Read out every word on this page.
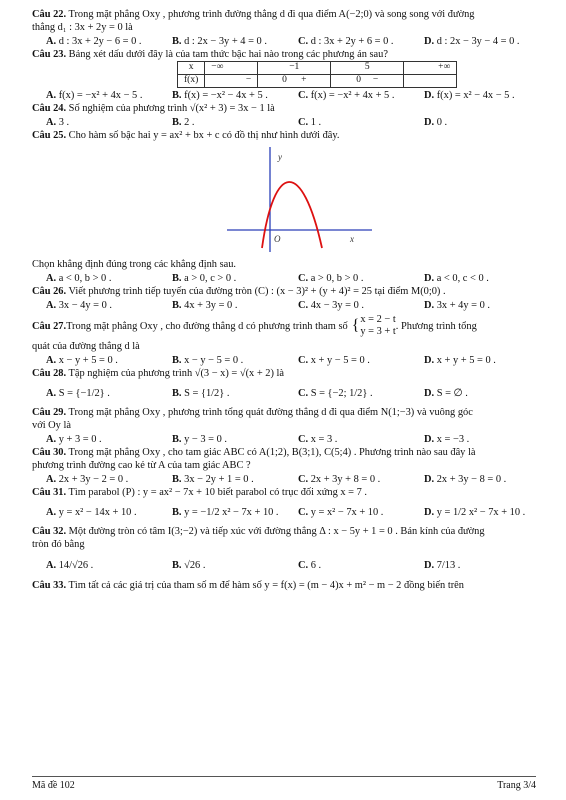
Câu 22. Trong mặt phẳng Oxy , phương trình đường thẳng d đi qua điểm A(−2;0) và song song với đường

thẳng d₁ : 3x + 2y = 0 là

A. d : 3x + 2y − 6 = 0 .	B. d : 2x − 3y + 4 = 0 .	C. d : 3x + 2y + 6 = 0 .	D. d : 2x − 3y − 4 = 0 .

Câu 23. Bảng xét dấu dưới đây là của tam thức bậc hai nào trong các phương án sau?

x	−∞	−1	5	+∞
f(x)	−	0 +	0 −	
A. f(x) = −x² + 4x − 5 .	B. f(x) = −x² − 4x + 5 .	C. f(x) = −x² + 4x + 5 .	D. f(x) = x² − 4x − 5 .

Câu 24. Số nghiệm của phương trình √(x² + 3) = 3x − 1 là

A. 3 .	B. 2 .	C. 1 .	D. 0 .

Câu 25. Cho hàm số bậc hai y = ax² + bx + c có đồ thị như hình dưới đây.

y
x
O

Chọn khẳng định đúng trong các khẳng định sau.

A. a < 0, b > 0 .	B. a > 0, c > 0 .	C. a > 0, b > 0 .	D. a < 0, c < 0 .

Câu 26. Viết phương trình tiếp tuyến của đường tròn (C) : (x − 3)² + (y + 4)² = 25 tại điểm M(0;0) .

A. 3x − 4y = 0 .	B. 4x + 3y = 0 .	C. 4x − 3y = 0 .	D. 3x + 4y = 0 .
Câu 27. Trong mặt phẳng Oxy , cho đường thẳng d có phương trình tham số { x = 2 − t
y = 3 + t . Phương trình tổng

quát của đường thẳng d là

A. x − y + 5 = 0 .	B. x − y − 5 = 0 .	C. x + y − 5 = 0 .	D. x + y + 5 = 0 .

Câu 28. Tập nghiệm của phương trình √(3 − x) = √(x + 2) là

A. S = {−1/2} .	B. S = {1/2} .	C. S = {−2; 1/2} .	D. S = ∅ .

Câu 29. Trong mặt phẳng Oxy , phương trình tổng quát đường thẳng d đi qua điểm N(1;−3) và vuông góc

với Oy là

A. y + 3 = 0 .	B. y − 3 = 0 .	C. x = 3 .	D. x = −3 .

Câu 30. Trong mặt phẳng Oxy , cho tam giác ABC có A(1;2), B(3;1), C(5;4) . Phương trình nào sau đây là

phương trình đường cao kẻ từ A của tam giác ABC ?

A. 2x + 3y − 2 = 0 .	B. 3x − 2y + 1 = 0 .	C. 2x + 3y + 8 = 0 .	D. 2x + 3y − 8 = 0 .

Câu 31. Tìm parabol (P) : y = ax² − 7x + 10 biết parabol có trục đối xứng x = 7 .

A. y = x² − 14x + 10 .	B. y = −1/2 x² − 7x + 10 .	C. y = x² − 7x + 10 .	D. y = 1/2 x² − 7x + 10 .

Câu 32. Một đường tròn có tâm I(3;−2) và tiếp xúc với đường thẳng Δ : x − 5y + 1 = 0 . Bán kính của đường

tròn đó bằng

A. 14/√26 .	B. √26 .	C. 6 .	D. 7/13 .

Câu 33. Tìm tất cả các giá trị của tham số m để hàm số y = f(x) = (m − 4)x + m² − m − 2 đồng biến trên

Mã đề 102	Trang 3/4
